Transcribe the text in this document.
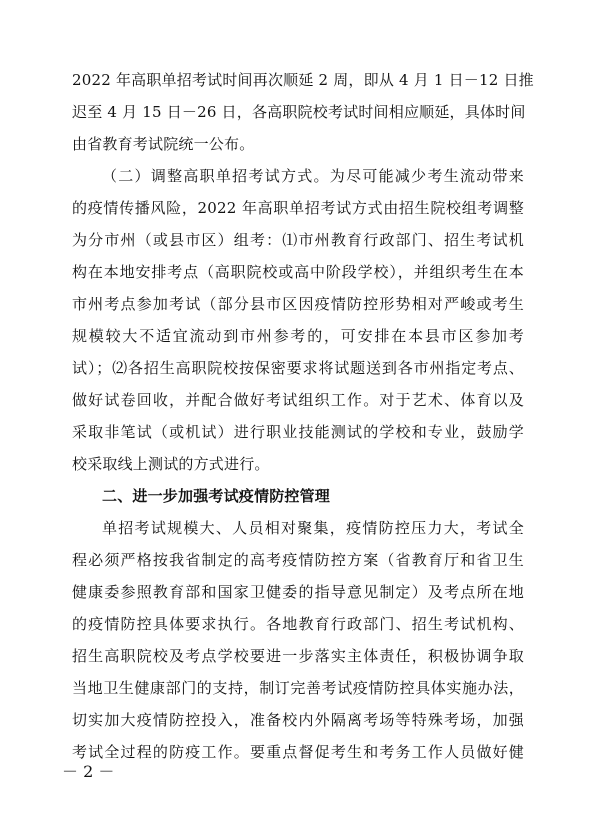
2022 年高职单招考试时间再次顺延 2 周，即从 4 月 1 日－12 日推
迟至 4 月 15 日－26 日，各高职院校考试时间相应顺延，具体时间
由省教育考试院统一公布。
（二）调整高职单招考试方式。为尽可能减少考生流动带来
的疫情传播风险，2022 年高职单招考试方式由招生院校组考调整
为分市州（或县市区）组考：⑴市州教育行政部门、招生考试机
构在本地安排考点（高职院校或高中阶段学校），并组织考生在本
市州考点参加考试（部分县市区因疫情防控形势相对严峻或考生
规模较大不适宜流动到市州参考的，可安排在本县市区参加考
试）；⑵各招生高职院校按保密要求将试题送到各市州指定考点、
做好试卷回收，并配合做好考试组织工作。对于艺术、体育以及
采取非笔试（或机试）进行职业技能测试的学校和专业，鼓励学
校采取线上测试的方式进行。
二、进一步加强考试疫情防控管理
单招考试规模大、人员相对聚集，疫情防控压力大，考试全
程必须严格按我省制定的高考疫情防控方案（省教育厅和省卫生
健康委参照教育部和国家卫健委的指导意见制定）及考点所在地
的疫情防控具体要求执行。各地教育行政部门、招生考试机构、
招生高职院校及考点学校要进一步落实主体责任，积极协调争取
当地卫生健康部门的支持，制订完善考试疫情防控具体实施办法，
切实加大疫情防控投入，准备校内外隔离考场等特殊考场，加强
考试全过程的防疫工作。要重点督促考生和考务工作人员做好健
－ 2 －
